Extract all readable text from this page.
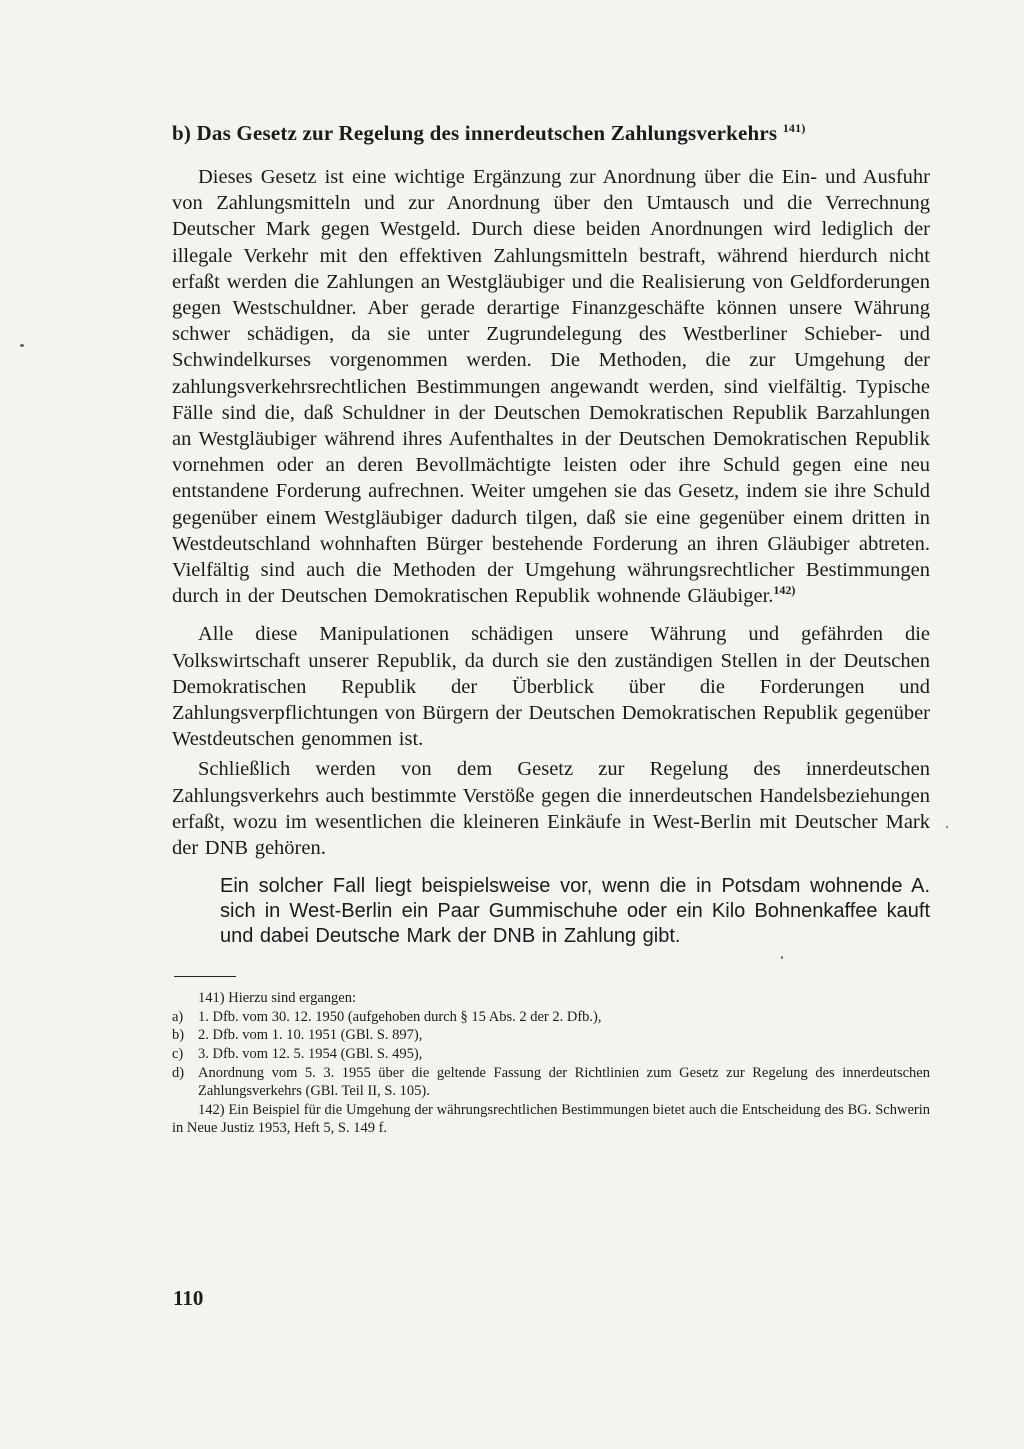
b) Das Gesetz zur Regelung des innerdeutschen Zahlungsverkehrs $^{141)}$

Dieses Gesetz ist eine wichtige Ergänzung zur Anordnung über die Ein- und Ausfuhr von Zahlungsmitteln und zur Anordnung über den Umtausch und die Verrechnung Deutscher Mark gegen Westgeld. Durch diese beiden Anordnungen wird lediglich der illegale Verkehr mit den effektiven Zahlungsmitteln bestraft, während hierdurch nicht erfaßt werden die Zahlungen an Westgläubiger und die Realisierung von Geldforderungen gegen Westschuldner. Aber gerade derartige Finanzgeschäfte können unsere Währung schwer schädigen, da sie unter Zugrundelegung des Westberliner Schieber- und Schwindelkurses vorgenommen werden. Die Methoden, die zur Umgehung der zahlungsverkehrsrechtlichen Bestimmungen angewandt werden, sind vielfältig. Typische Fälle sind die, daß Schuldner in der Deutschen Demokratischen Republik Barzahlungen an Westgläubiger während ihres Aufenthaltes in der Deutschen Demokratischen Republik vornehmen oder an deren Bevollmächtigte leisten oder ihre Schuld gegen eine neu entstandene Forderung aufrechnen. Weiter umgehen sie das Gesetz, indem sie ihre Schuld gegenüber einem Westgläubiger dadurch tilgen, daß sie eine gegenüber einem dritten in Westdeutschland wohnhaften Bürger bestehende Forderung an ihren Gläubiger abtreten. Vielfältig sind auch die Methoden der Umgehung währungsrechtlicher Bestimmungen durch in der Deutschen Demokratischen Republik wohnende Gläubiger.$^{142)}$

Alle diese Manipulationen schädigen unsere Währung und gefährden die Volkswirtschaft unserer Republik, da durch sie den zuständigen Stellen in der Deutschen Demokratischen Republik der Überblick über die Forderungen und Zahlungsverpflichtungen von Bürgern der Deutschen Demokratischen Republik gegenüber Westdeutschen genommen ist.

Schließlich werden von dem Gesetz zur Regelung des innerdeutschen Zahlungsverkehrs auch bestimmte Verstöße gegen die innerdeutschen Handelsbeziehungen erfaßt, wozu im wesentlichen die kleineren Einkäufe in West-Berlin mit Deutscher Mark der DNB gehören.

Ein solcher Fall liegt beispielsweise vor, wenn die in Potsdam wohnende A. sich in West-Berlin ein Paar Gummischuhe oder ein Kilo Bohnenkaffee kauft und dabei Deutsche Mark der DNB in Zahlung gibt.

141) Hierzu sind ergangen:

a) 1. Dfb. vom 30. 12. 1950 (aufgehoben durch § 15 Abs. 2 der 2. Dfb.),

b) 2. Dfb. vom 1. 10. 1951 (GBl. S. 897),

c) 3. Dfb. vom 12. 5. 1954 (GBl. S. 495),

d) Anordnung vom 5. 3. 1955 über die geltende Fassung der Richtlinien zum Gesetz zur Regelung des innerdeutschen Zahlungsverkehrs (GBl. Teil II, S. 105).

142) Ein Beispiel für die Umgehung der währungsrechtlichen Bestimmungen bietet auch die Entscheidung des BG. Schwerin in Neue Justiz 1953, Heft 5, S. 149 f.

110
